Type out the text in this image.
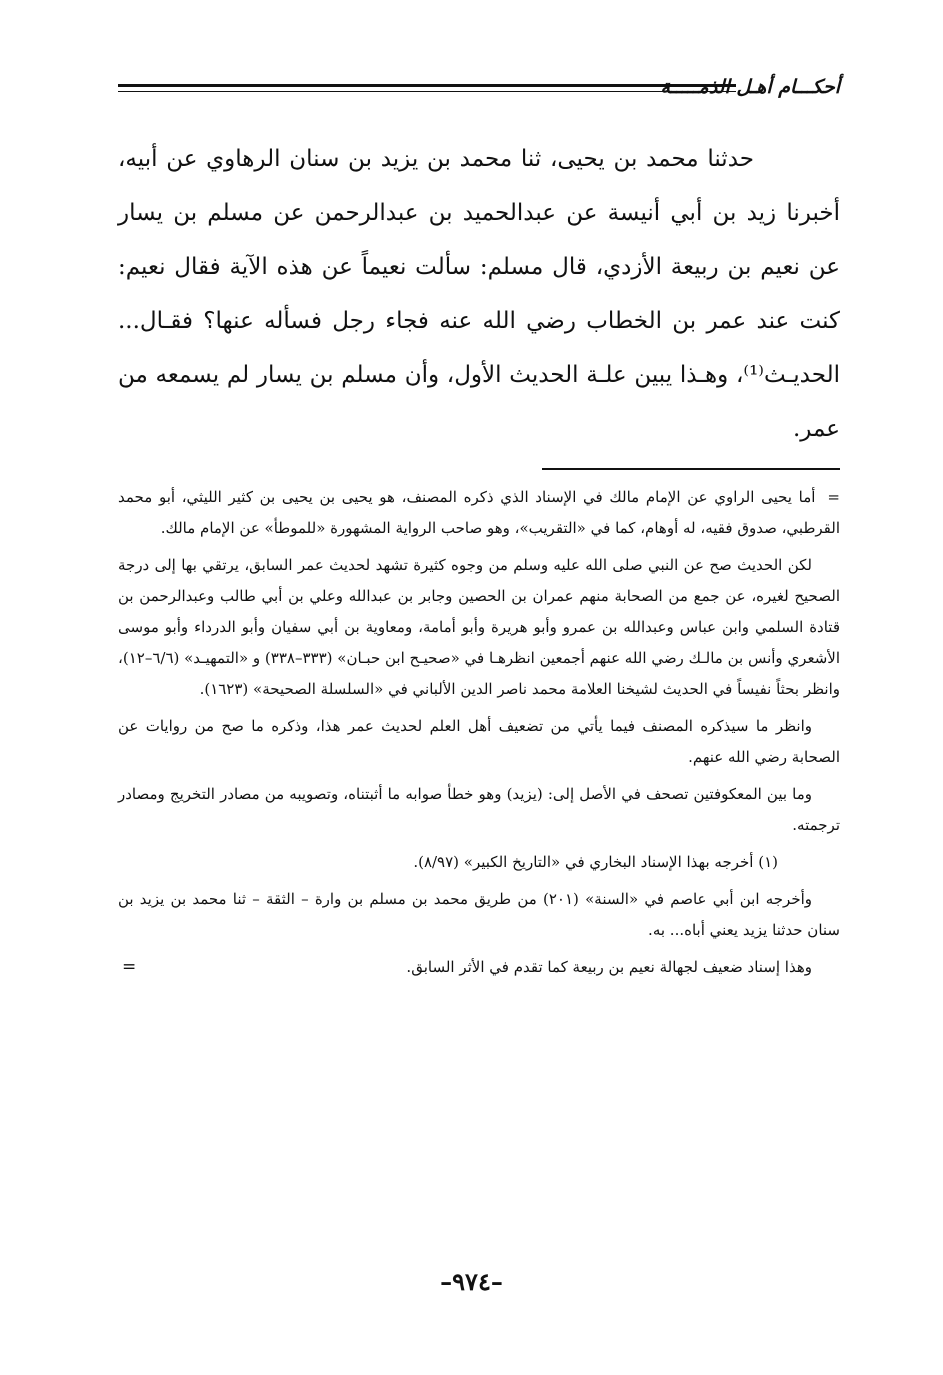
أحكـــام أهـل الذمـــــة

حدثنا محمد بن يحيى، ثنا محمد بن يزيد بن سنان الرهاوي عن أبيه، أخبرنا زيد بن أبي أنيسة عن عبدالحميد بن عبدالرحمن عن مسلم بن يسار عن نعيم بن ربيعة الأزدي، قال مسلم: سألت نعيماً عن هذه الآية فقال نعيم: كنت عند عمر بن الخطاب رضي الله عنه فجاء رجل فسأله عنها؟ فقـال... الحديـث⁽¹⁾، وهـذا يبين علـة الحديث الأول، وأن مسلم بن يسار لم يسمعه من عمر.

=أما يحيى الراوي عن الإمام مالك في الإسناد الذي ذكره المصنف، هو يحيى بن يحيى بن كثير الليثي، أبو محمد القرطبي، صدوق فقيه، له أوهام، كما في «التقريب»، وهو صاحب الرواية المشهورة «للموطأ» عن الإمام مالك.

لكن الحديث صح عن النبي صلى الله عليه وسلم من وجوه كثيرة تشهد لحديث عمر السابق، يرتقي بها إلى درجة الصحيح لغيره، عن جمع من الصحابة منهم عمران بن الحصين وجابر بن عبدالله وعلي بن أبي طالب وعبدالرحمن بن قتادة السلمي وابن عباس وعبدالله بن عمرو وأبو هريرة وأبو أمامة، ومعاوية بن أبي سفيان وأبو الدرداء وأبو موسى الأشعري وأنس بن مالـك رضي الله عنهم أجمعين انظرهـا في «صحيـح ابن حبـان» (٣٣٣–٣٣٨) و «التمهيـد» (٦/٦–١٢)، وانظر بحثاً نفيساً في الحديث لشيخنا العلامة محمد ناصر الدين الألباني في «السلسلة الصحيحة» (١٦٢٣).

وانظر ما سيذكره المصنف فيما يأتي من تضعيف أهل العلم لحديث عمر هذا، وذكره ما صح من روايات عن الصحابة رضي الله عنهم.

وما بين المعكوفتين تصحف في الأصل إلى: (يزيد) وهو خطأ صوابه ما أثبتناه، وتصويبه من مصادر التخريج ومصادر ترجمته.

(١) أخرجه بهذا الإسناد البخاري في «التاريخ الكبير» (٨/٩٧).

وأخرجه ابن أبي عاصم في «السنة» (٢٠١) من طريق محمد بن مسلم بن وارة – الثقة – ثنا محمد بن يزيد بن سنان حدثنا يزيد يعني أباه... به.

وهذا إسناد ضعيف لجهالة نعيم بن ربيعة كما تقدم في الأثر السابق.
=

–٩٧٤–
